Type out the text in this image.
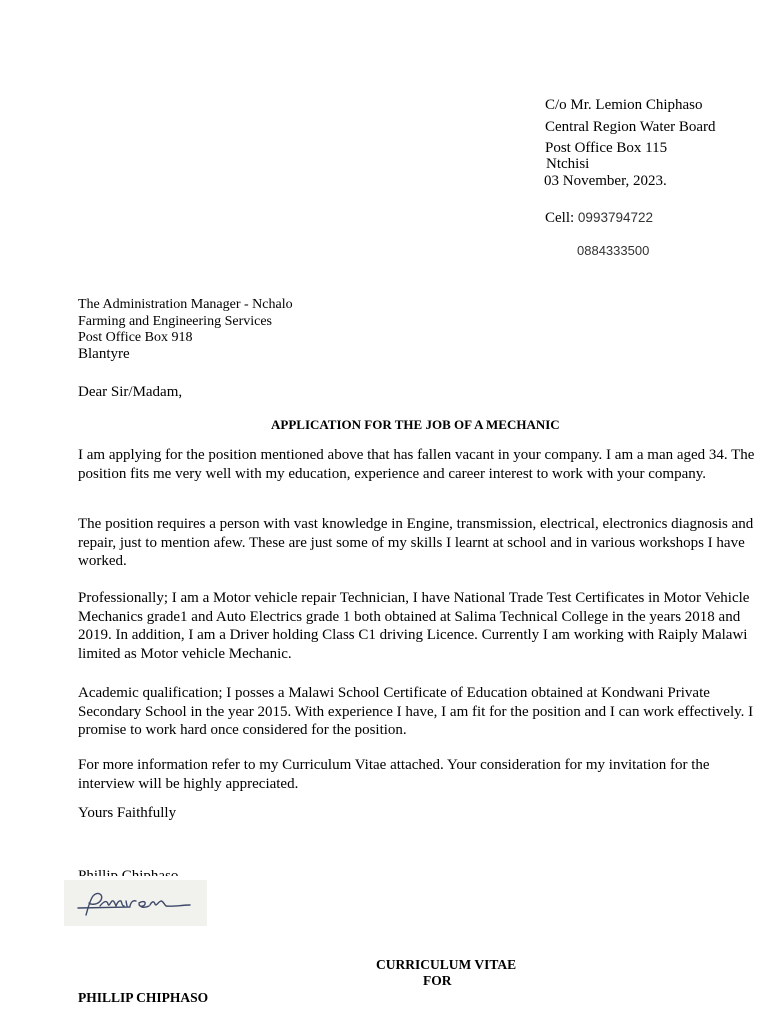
C/o Mr. Lemion Chiphaso
Central Region Water Board
Post Office Box 115
Ntchisi
03 November, 2023.
Cell: 0993794722
0884333500
The Administration Manager - Nchalo
Farming and Engineering Services
Post Office Box 918
Blantyre
Dear Sir/Madam,
APPLICATION FOR THE JOB OF A MECHANIC
I am applying for the position mentioned above that has fallen vacant in your company. I am a man aged 34. The position fits me very well with my education, experience and career interest to work with your company.
The position requires a person with vast knowledge in Engine, transmission, electrical, electronics diagnosis and repair, just to mention afew. These are just some of my skills I learnt at school and in various workshops I have worked.
Professionally; I am a Motor vehicle repair Technician, I have National Trade Test Certificates in Motor Vehicle Mechanics grade1 and Auto Electrics grade 1 both obtained at Salima Technical College in the years 2018 and 2019. In addition, I am a Driver holding Class C1 driving Licence. Currently I am working with Raiply Malawi limited as Motor vehicle Mechanic.
Academic qualification; I posses a Malawi School Certificate of Education obtained at Kondwani Private Secondary School in the year 2015. With experience I have, I am fit for the position and I can work effectively. I promise to work hard once considered for the position.
For more information refer to my Curriculum Vitae attached. Your consideration for my invitation for the interview will be highly appreciated.
Yours Faithfully
CURRICULUM VITAE
FOR
PHILLIP CHIPHASO
